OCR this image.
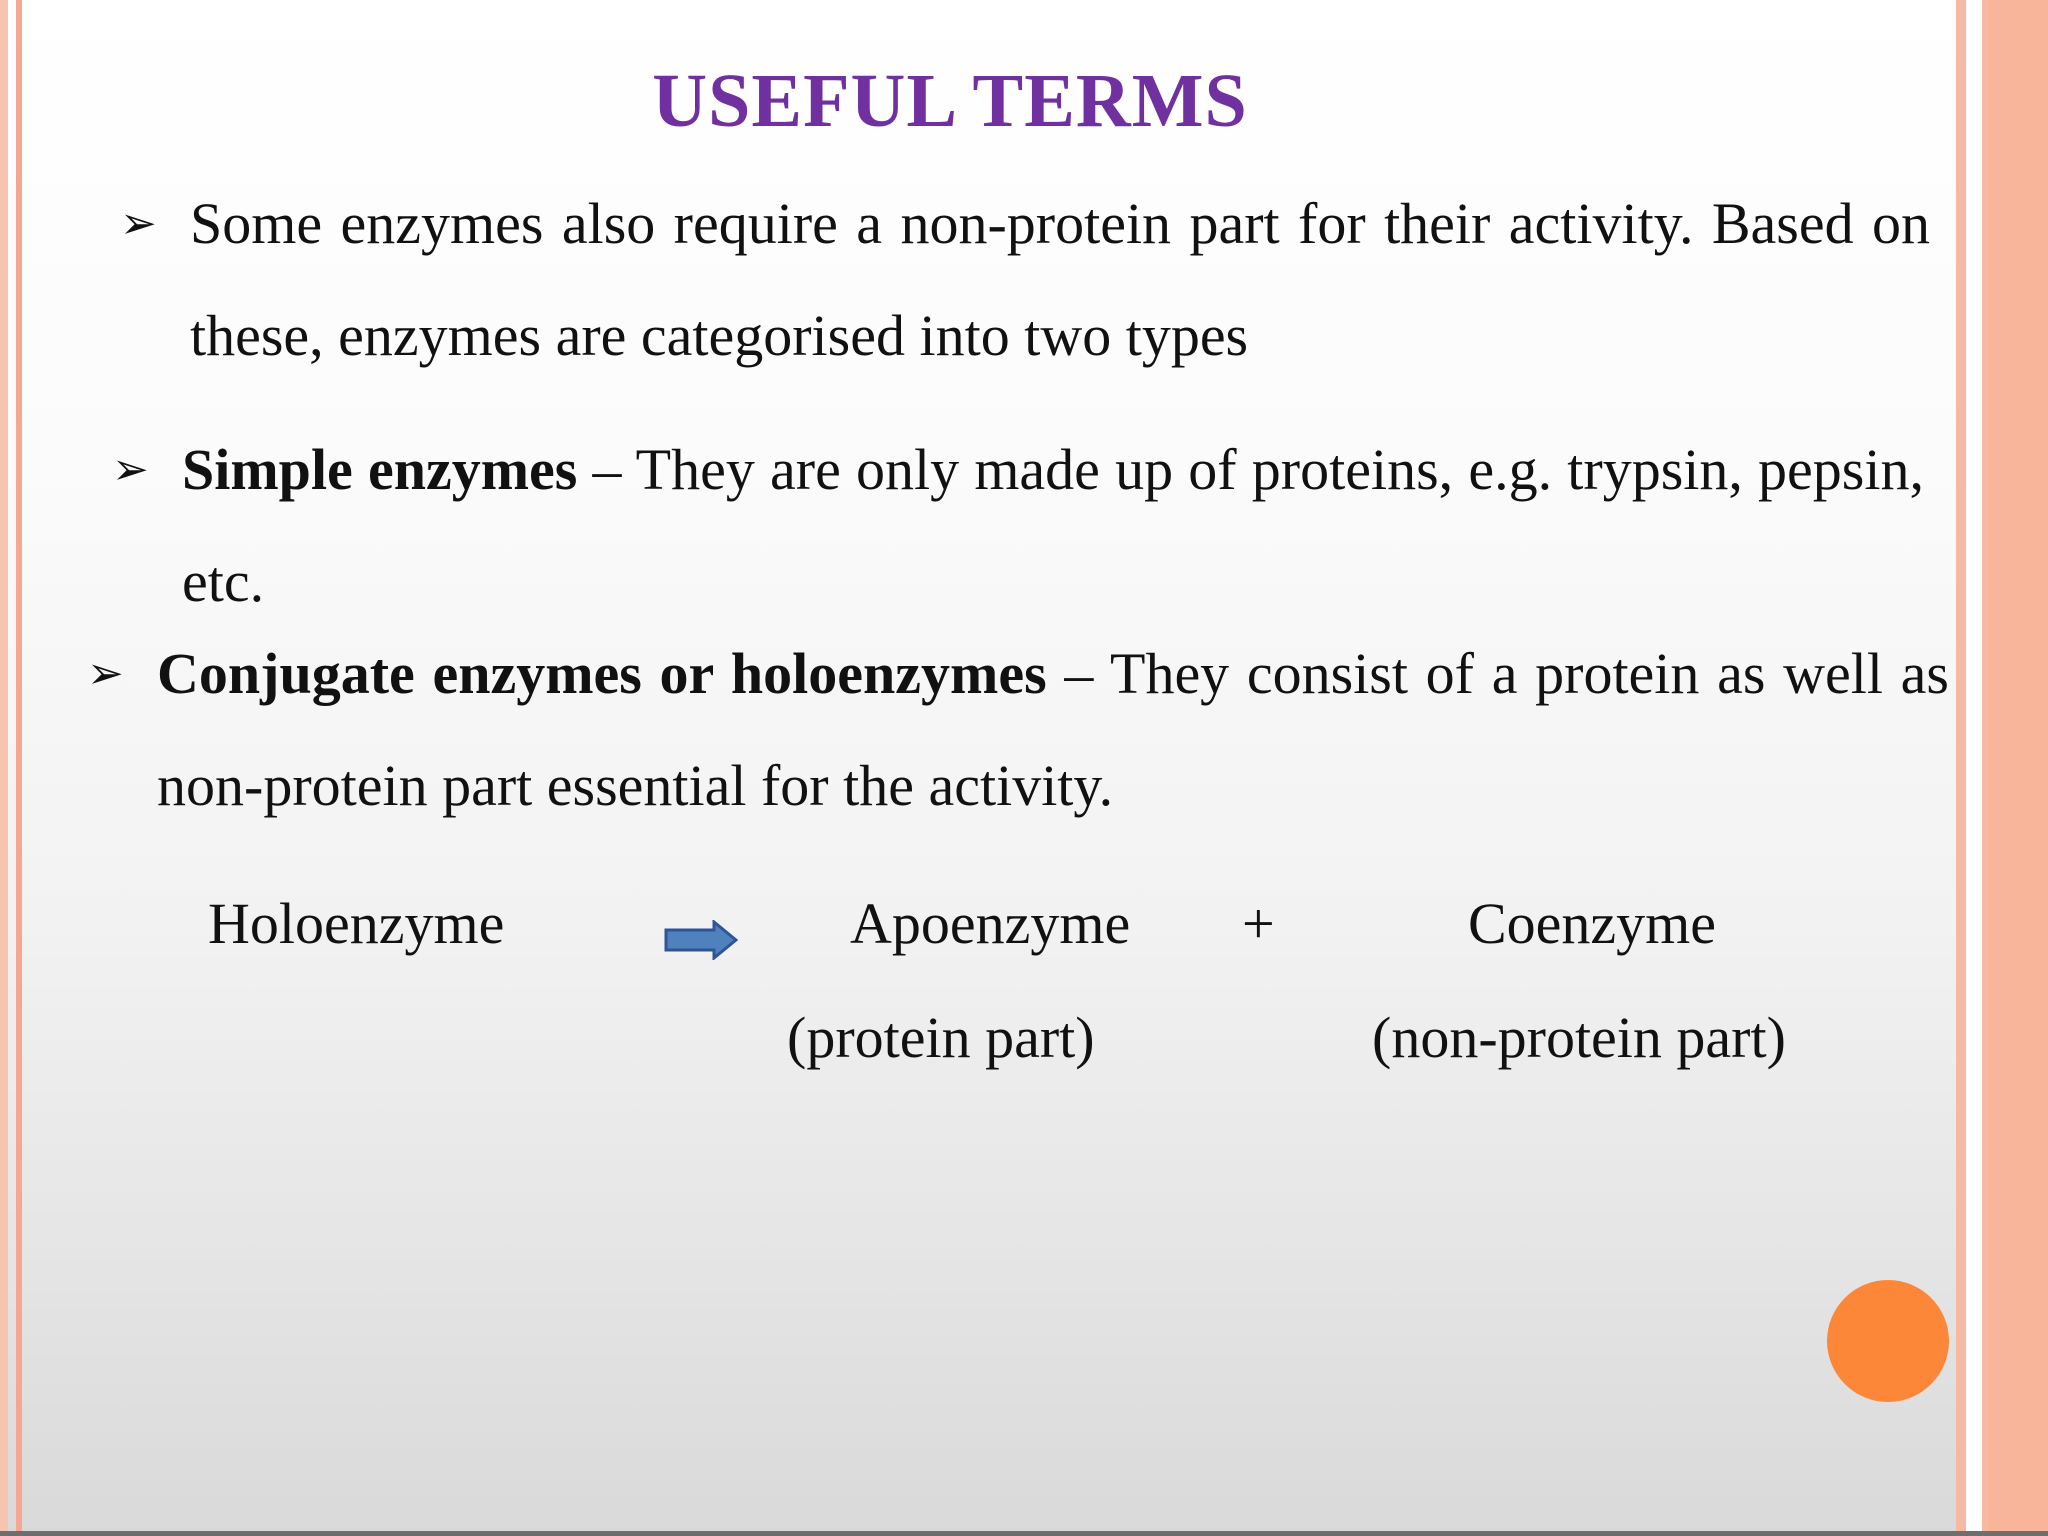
USEFUL TERMS
➢ Some enzymes also require a non-protein part for their activity. Based on these, enzymes are categorised into two types
➢ Simple enzymes – They are only made up of proteins, e.g. trypsin, pepsin, etc.
➢ Conjugate enzymes or holoenzymes – They consist of a protein as well as non-protein part essential for the activity.
Holoenzyme	Apoenzyme +	Coenzyme
(protein part)	(non-protein part)
